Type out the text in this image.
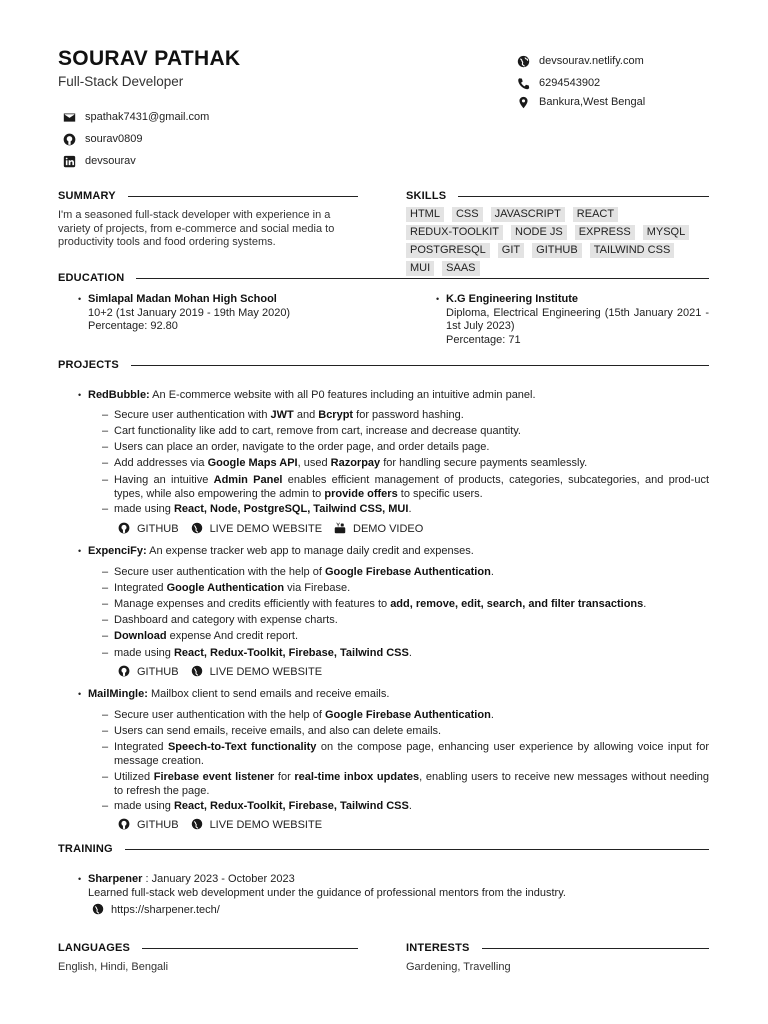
SOURAV PATHAK
Full-Stack Developer
spathak7431@gmail.com
sourav0809
devsourav
devsourav.netlify.com
6294543902
Bankura,West Bengal
SUMMARY
I'm a seasoned full-stack developer with experience in a variety of projects, from e-commerce and social media to productivity tools and food ordering systems.
SKILLS
HTML	CSS	JAVASCRIPT	REACT
REDUX-TOOLKIT	NODE JS	EXPRESS	MYSQL
POSTGRESQL	GIT	GITHUB	TAILWIND CSS
MUI	SAAS
EDUCATION
• Simlapal Madan Mohan High School
10+2 (1st January 2019 - 19th May 2020)
Percentage: 92.80
• K.G Engineering Institute
Diploma, Electrical Engineering (15th January 2021 - 1st July 2023)
Percentage: 71
PROJECTS
• RedBubble: An E-commerce website with all P0 features including an intuitive admin panel.
– Secure user authentication with JWT and Bcrypt for password hashing.
– Cart functionality like add to cart, remove from cart, increase and decrease quantity.
– Users can place an order, navigate to the order page, and order details page.
– Add addresses via Google Maps API, used Razorpay for handling secure payments seamlessly.
– Having an intuitive Admin Panel enables efficient management of products, categories, subcategories, and prod-uct types, while also empowering the admin to provide offers to specific users.
– made using React, Node, PostgreSQL, Tailwind CSS, MUI.
GITHUB	LIVE DEMO WEBSITE	DEMO VIDEO
• ExpenciFy: An expense tracker web app to manage daily credit and expenses.
– Secure user authentication with the help of Google Firebase Authentication.
– Integrated Google Authentication via Firebase.
– Manage expenses and credits efficiently with features to add, remove, edit, search, and filter transactions.
– Dashboard and category with expense charts.
– Download expense And credit report.
– made using React, Redux-Toolkit, Firebase, Tailwind CSS.
GITHUB	LIVE DEMO WEBSITE
• MailMingle: Mailbox client to send emails and receive emails.
– Secure user authentication with the help of Google Firebase Authentication.
– Users can send emails, receive emails, and also can delete emails.
– Integrated Speech-to-Text functionality on the compose page, enhancing user experience by allowing voice input for message creation.
– Utilized Firebase event listener for real-time inbox updates, enabling users to receive new messages without needing to refresh the page.
– made using React, Redux-Toolkit, Firebase, Tailwind CSS.
GITHUB	LIVE DEMO WEBSITE
TRAINING
• Sharpener : January 2023 - October 2023
Learned full-stack web development under the guidance of professional mentors from the industry.
https://sharpener.tech/
LANGUAGES
English, Hindi, Bengali
INTERESTS
Gardening, Travelling
